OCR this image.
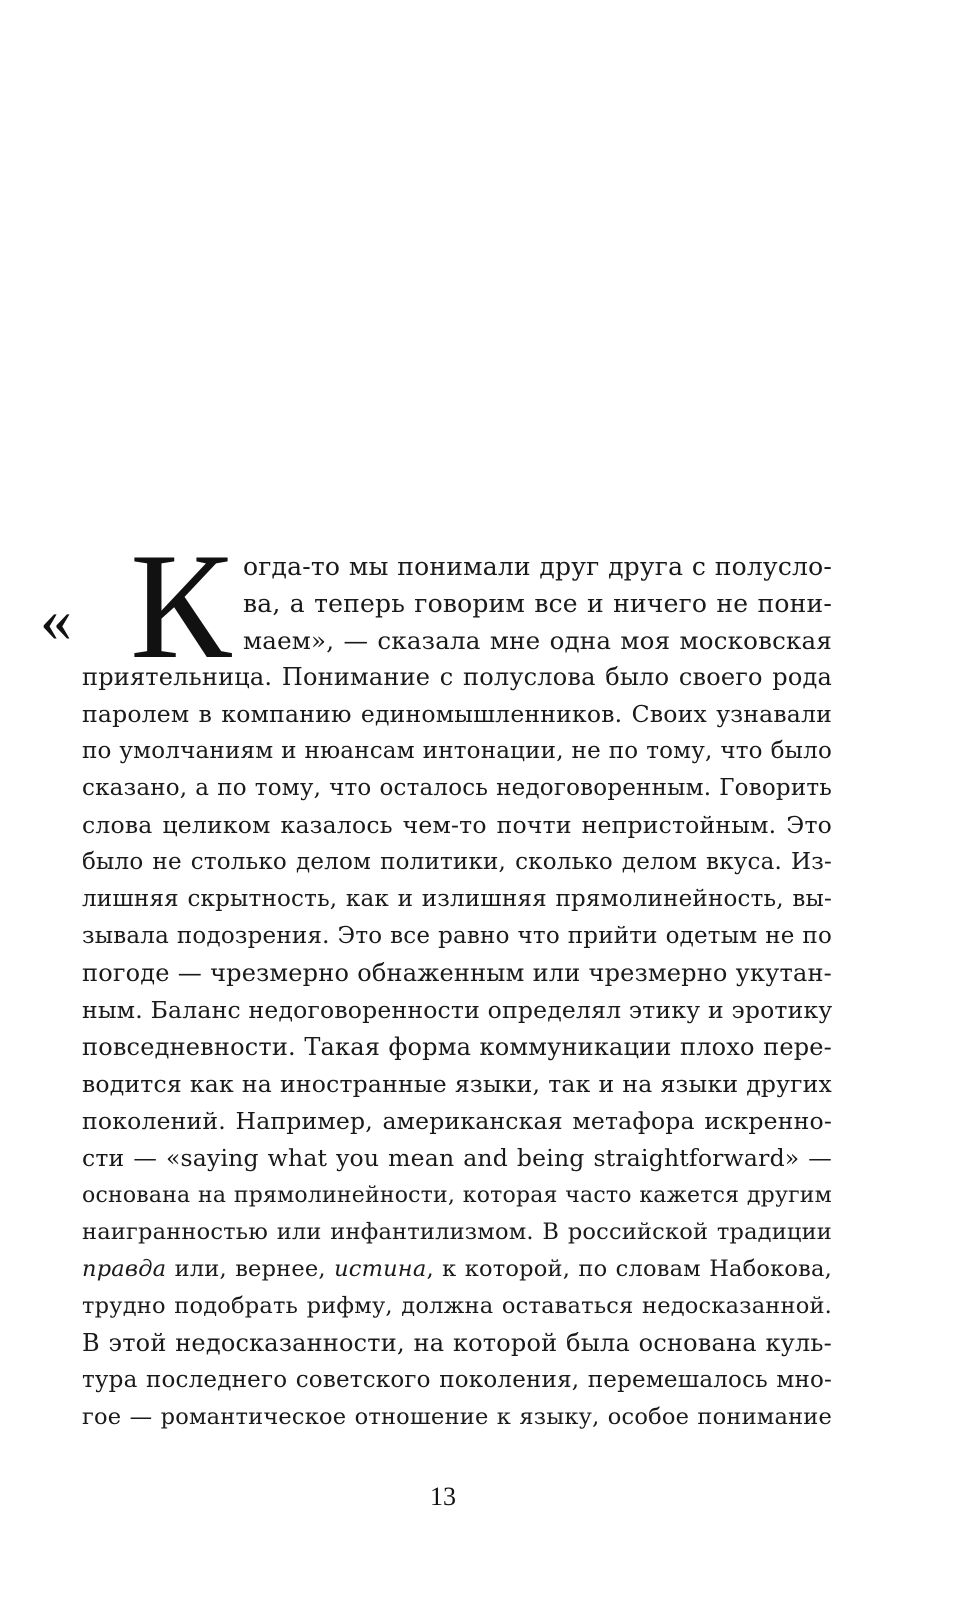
« К огда-то мы понимали друг друга с полусло-
ва, а теперь говорим все и ничего не пони-
маем», — сказала мне одна моя московская
приятельница. Понимание с полуслова было своего рода
паролем в компанию единомышленников. Своих узнавали
по умолчаниям и нюансам интонации, не по тому, что было
сказано, а по тому, что осталось недоговоренным. Говорить
слова целиком казалось чем-то почти непристойным. Это
было не столько делом политики, сколько делом вкуса. Из-
лишняя скрытность, как и излишняя прямолинейность, вы-
зывала подозрения. Это все равно что прийти одетым не по
погоде — чрезмерно обнаженным или чрезмерно укутан-
ным. Баланс недоговоренности определял этику и эротику
повседневности. Такая форма коммуникации плохо пере-
водится как на иностранные языки, так и на языки других
поколений. Например, американская метафора искренно-
сти — «saying what you mean and being straightforward» —
основана на прямолинейности, которая часто кажется другим
наигранностью или инфантилизмом. В российской традиции
правда или, вернее, истина, к которой, по словам Набокова,
трудно подобрать рифму, должна оставаться недосказанной.
В этой недосказанности, на которой была основана куль-
тура последнего советского поколения, перемешалось мно-
гое — романтическое отношение к языку, особое понимание
13
